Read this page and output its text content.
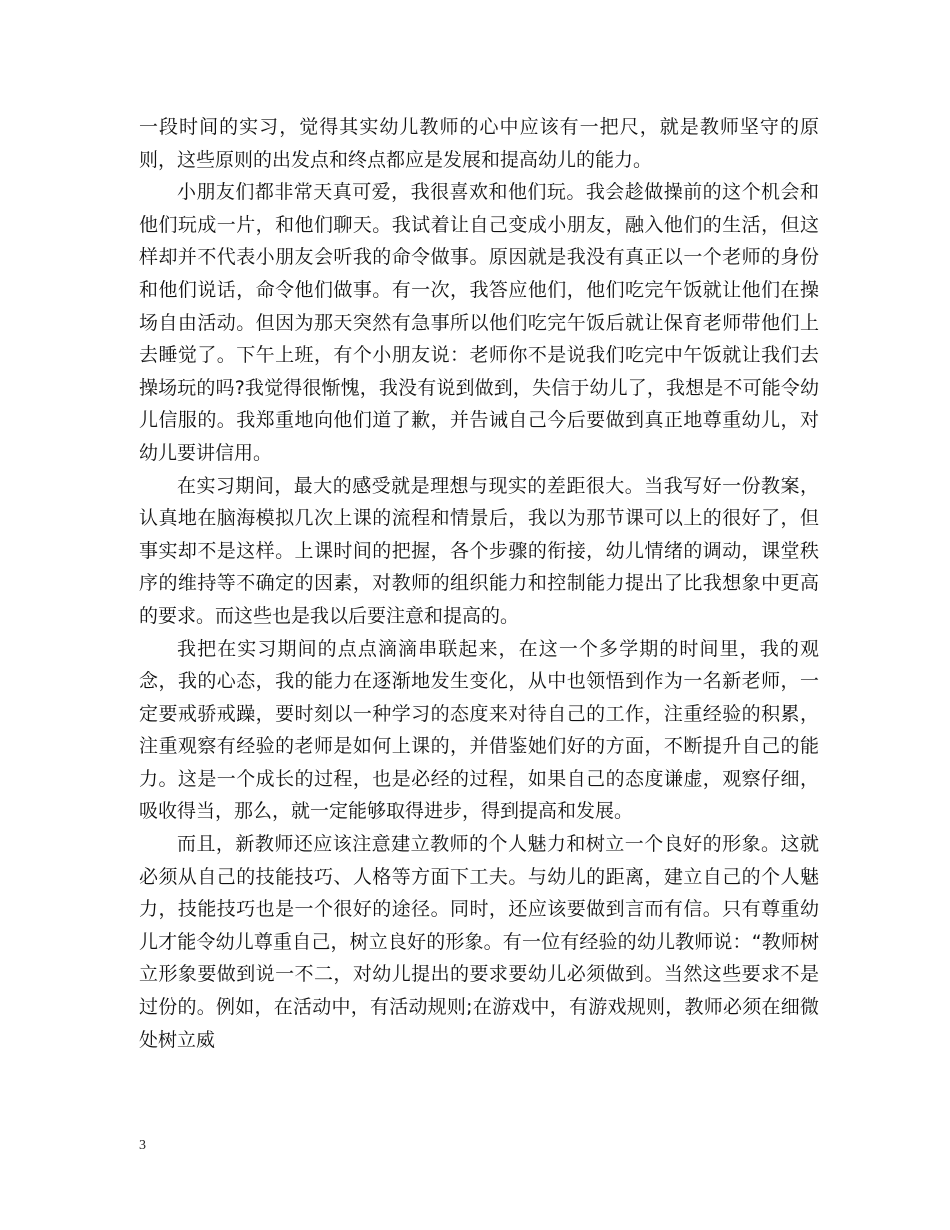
一段时间的实习，觉得其实幼儿教师的心中应该有一把尺，就是教师坚守的原则，这些原则的出发点和终点都应是发展和提高幼儿的能力。

小朋友们都非常天真可爱，我很喜欢和他们玩。我会趁做操前的这个机会和他们玩成一片，和他们聊天。我试着让自己变成小朋友，融入他们的生活，但这样却并不代表小朋友会听我的命令做事。原因就是我没有真正以一个老师的身份和他们说话，命令他们做事。有一次，我答应他们，他们吃完午饭就让他们在操场自由活动。但因为那天突然有急事所以他们吃完午饭后就让保育老师带他们上去睡觉了。下午上班，有个小朋友说：老师你不是说我们吃完中午饭就让我们去操场玩的吗?我觉得很惭愧，我没有说到做到，失信于幼儿了，我想是不可能令幼儿信服的。我郑重地向他们道了歉，并告诫自己今后要做到真正地尊重幼儿，对幼儿要讲信用。

在实习期间，最大的感受就是理想与现实的差距很大。当我写好一份教案，认真地在脑海模拟几次上课的流程和情景后，我以为那节课可以上的很好了，但事实却不是这样。上课时间的把握，各个步骤的衔接，幼儿情绪的调动，课堂秩序的维持等不确定的因素，对教师的组织能力和控制能力提出了比我想象中更高的要求。而这些也是我以后要注意和提高的。

我把在实习期间的点点滴滴串联起来，在这一个多学期的时间里，我的观念，我的心态，我的能力在逐渐地发生变化，从中也领悟到作为一名新老师，一定要戒骄戒躁，要时刻以一种学习的态度来对待自己的工作，注重经验的积累，注重观察有经验的老师是如何上课的，并借鉴她们好的方面，不断提升自己的能力。这是一个成长的过程，也是必经的过程，如果自己的态度谦虚，观察仔细，吸收得当，那么，就一定能够取得进步，得到提高和发展。

而且，新教师还应该注意建立教师的个人魅力和树立一个良好的形象。这就必须从自己的技能技巧、人格等方面下工夫。与幼儿的距离，建立自己的个人魅力，技能技巧也是一个很好的途径。同时，还应该要做到言而有信。只有尊重幼儿才能令幼儿尊重自己，树立良好的形象。有一位有经验的幼儿教师说：“教师树立形象要做到说一不二，对幼儿提出的要求要幼儿必须做到。当然这些要求不是过份的。例如，在活动中，有活动规则;在游戏中，有游戏规则，教师必须在细微处树立威

3
